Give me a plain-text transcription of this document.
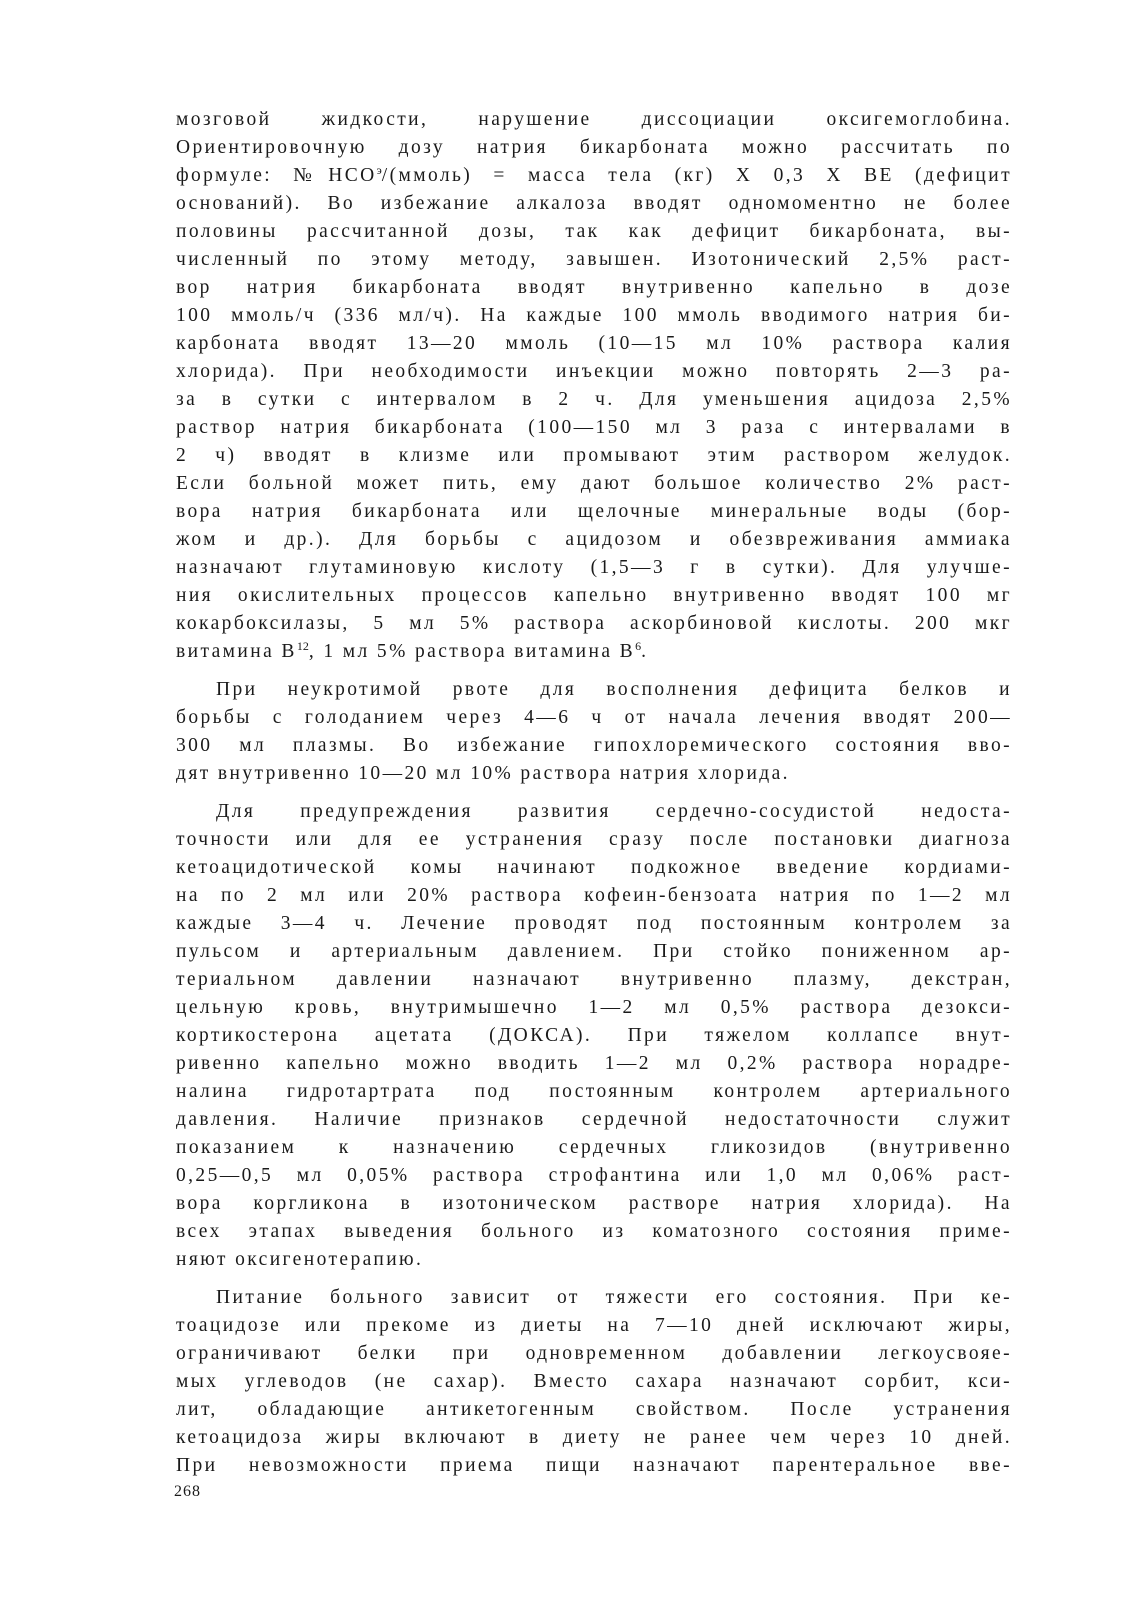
мозговой жидкости, нарушение диссоциации оксигемоглобина.
Ориентировочную дозу натрия бикарбоната можно рассчитать по
формуле: $№HCO^э/(ммоль)$ = масса тела (кг) X 0,3 X BE (дефицит
оснований). Во избежание алкалоза вводят одномоментно не более
половины рассчитанной дозы, так как дефицит бикарбоната, вы-
численный по этому методу, завышен. Изотонический 2,5% раст-
вор натрия бикарбоната вводят внутривенно капельно в дозе
100 ммоль/ч (336 мл/ч). На каждые 100 ммоль вводимого натрия би-
карбоната вводят 13—20 ммоль (10—15 мл 10% раствора калия
хлорида). При необходимости инъекции можно повторять 2—3 ра-
за в сутки с интервалом в 2 ч. Для уменьшения ацидоза 2,5%
раствор натрия бикарбоната (100—150 мл 3 раза с интервалами в
2 ч) вводят в клизме или промывают этим раствором желудок.
Если больной может пить, ему дают большое количество 2% раст-
вора натрия бикарбоната или щелочные минеральные воды (бор-
жом и др.). Для борьбы с ацидозом и обезвреживания аммиака
назначают глутаминовую кислоту (1,5—3 г в сутки). Для улучше-
ния окислительных процессов капельно внутривенно вводят 100 мг
кокарбоксилазы, 5 мл 5% раствора аскорбиновой кислоты. 200 мкг
витамина $B^{12}$, 1 мл 5% раствора витамина $B^6$.
При неукротимой рвоте для восполнения дефицита белков и
борьбы с голоданием через 4—6 ч от начала лечения вводят 200—
300 мл плазмы. Во избежание гипохлоремического состояния вво-
дят внутривенно 10—20 мл 10% раствора натрия хлорида.
Для предупреждения развития сердечно-сосудистой недоста-
точности или для ее устранения сразу после постановки диагноза
кетоацидотической комы начинают подкожное введение кордиами-
на по 2 мл или 20% раствора кофеин-бензоата натрия по 1—2 мл
каждые 3—4 ч. Лечение проводят под постоянным контролем за
пульсом и артериальным давлением. При стойко пониженном ар-
териальном давлении назначают внутривенно плазму, декстран,
цельную кровь, внутримышечно 1—2 мл 0,5% раствора дезокси-
кортикостерона ацетата (ДОКСА). При тяжелом коллапсе внут-
ривенно капельно можно вводить 1—2 мл 0,2% раствора норадре-
налина гидротартрата под постоянным контролем артериального
давления. Наличие признаков сердечной недостаточности служит
показанием к назначению сердечных гликозидов (внутривенно
0,25—0,5 мл 0,05% раствора строфантина или 1,0 мл 0,06% раст-
вора коргликона в изотоническом растворе натрия хлорида). На
всех этапах выведения больного из коматозного состояния приме-
няют оксигенотерапию.
Питание больного зависит от тяжести его состояния. При ке-
тоацидозе или прекоме из диеты на 7—10 дней исключают жиры,
ограничивают белки при одновременном добавлении легкоусвояе-
мых углеводов (не сахар). Вместо сахара назначают сорбит, кси-
лит, обладающие антикетогенным свойством. После устранения
кетоацидоза жиры включают в диету не ранее чем через 10 дней.
При невозможности приема пищи назначают парентеральное вве-
268
